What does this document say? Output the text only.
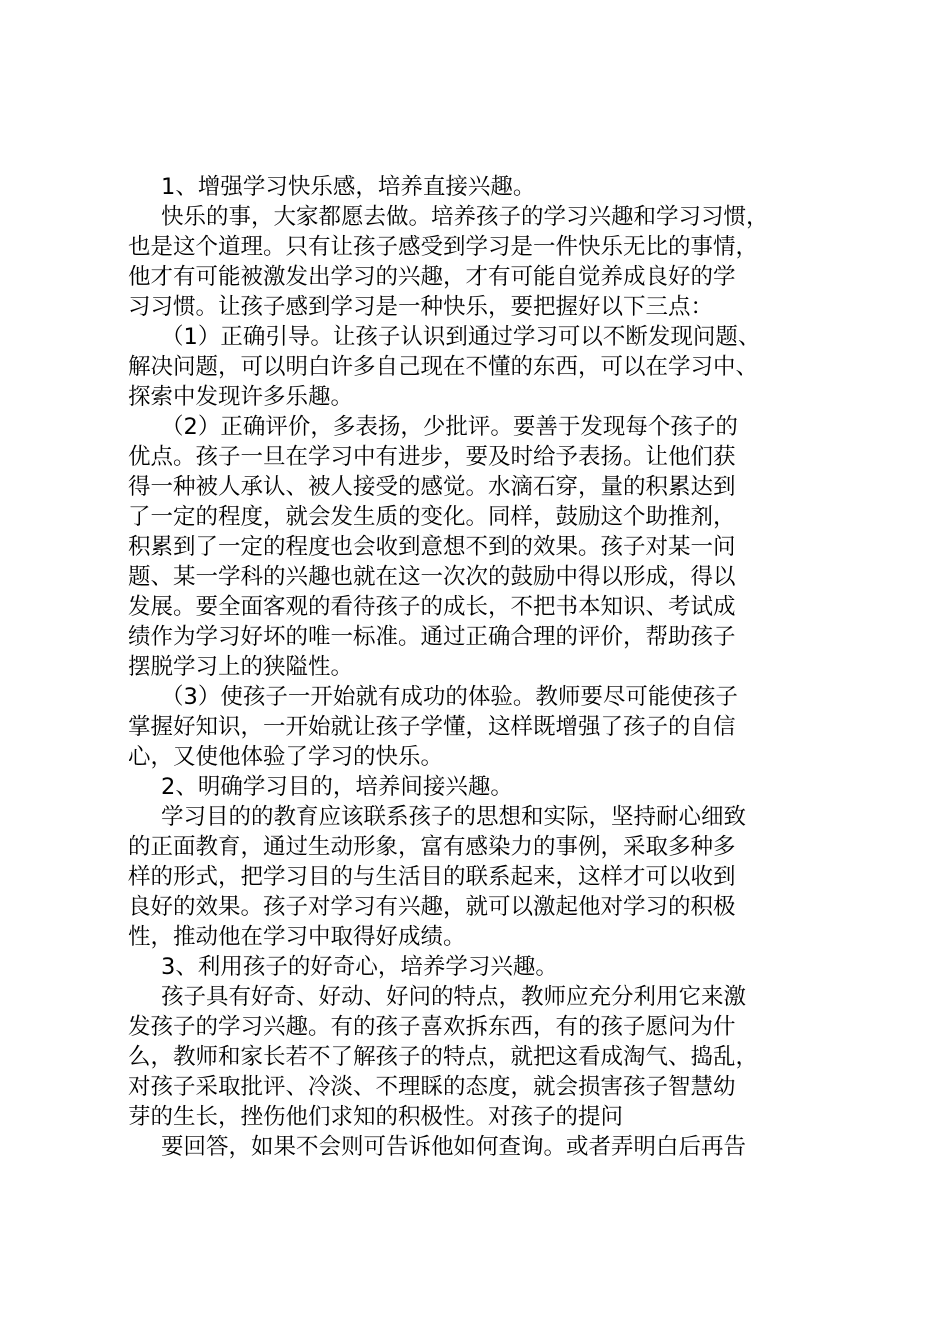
1、增强学习快乐感，培养直接兴趣。
快乐的事，大家都愿去做。培养孩子的学习兴趣和学习习惯，
也是这个道理。只有让孩子感受到学习是一件快乐无比的事情，
他才有可能被激发出学习的兴趣，才有可能自觉养成良好的学
习习惯。让孩子感到学习是一种快乐，要把握好以下三点：
（1）正确引导。让孩子认识到通过学习可以不断发现问题、
解决问题，可以明白许多自己现在不懂的东西，可以在学习中、
探索中发现许多乐趣。
（2）正确评价，多表扬，少批评。要善于发现每个孩子的
优点。孩子一旦在学习中有进步，要及时给予表扬。让他们获
得一种被人承认、被人接受的感觉。水滴石穿，量的积累达到
了一定的程度，就会发生质的变化。同样，鼓励这个助推剂，
积累到了一定的程度也会收到意想不到的效果。孩子对某一问
题、某一学科的兴趣也就在这一次次的鼓励中得以形成，得以
发展。要全面客观的看待孩子的成长，不把书本知识、考试成
绩作为学习好坏的唯一标准。通过正确合理的评价，帮助孩子
摆脱学习上的狭隘性。
（3）使孩子一开始就有成功的体验。教师要尽可能使孩子
掌握好知识，一开始就让孩子学懂，这样既增强了孩子的自信
心，又使他体验了学习的快乐。
2、明确学习目的，培养间接兴趣。
学习目的的教育应该联系孩子的思想和实际，坚持耐心细致
的正面教育，通过生动形象，富有感染力的事例，采取多种多
样的形式，把学习目的与生活目的联系起来，这样才可以收到
良好的效果。孩子对学习有兴趣，就可以激起他对学习的积极
性，推动他在学习中取得好成绩。
3、利用孩子的好奇心，培养学习兴趣。
孩子具有好奇、好动、好问的特点，教师应充分利用它来激
发孩子的学习兴趣。有的孩子喜欢拆东西，有的孩子愿问为什
么，教师和家长若不了解孩子的特点，就把这看成淘气、捣乱，
对孩子采取批评、冷淡、不理睬的态度，就会损害孩子智慧幼
芽的生长，挫伤他们求知的积极性。对孩子的提问
要回答，如果不会则可告诉他如何查询。或者弄明白后再告
